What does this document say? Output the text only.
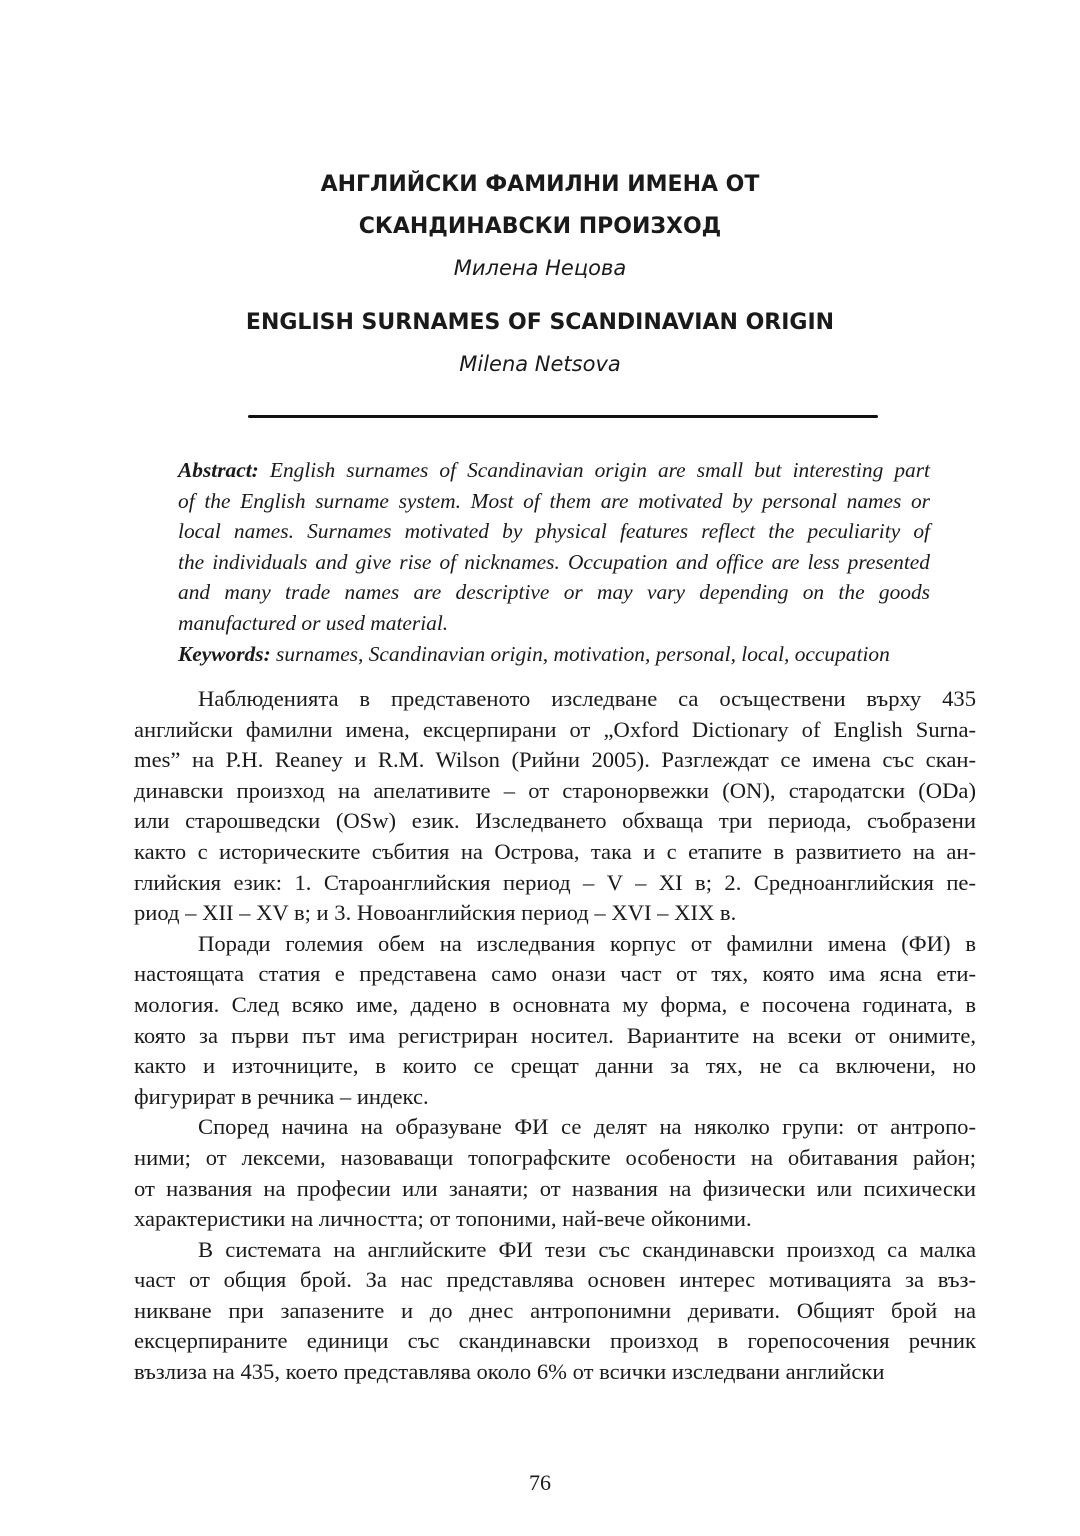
АНГЛИЙСКИ ФАМИЛНИ ИМЕНА ОТ
СКАНДИНАВСКИ ПРОИЗХОД
Милена Нецова
ENGLISH SURNAMES OF SCANDINAVIAN ORIGIN
Milena Netsova
Abstract: English surnames of Scandinavian origin are small but interesting part
of the English surname system. Most of them are motivated by personal names or
local names. Surnames motivated by physical features reflect the peculiarity of
the individuals and give rise of nicknames. Occupation and office are less presented
and many trade names are descriptive or may vary depending on the goods
manufactured or used material.
Keywords: surnames, Scandinavian origin, motivation, personal, local, occupation
Наблюденията в представеното изследване са осъществени върху 435
английски фамилни имена, ексцерпирани от „Oxford Dictionary of English Surna-
mes” на P.H. Reaney и R.M. Wilson (Рийни 2005). Разглеждат се имена със скан-
динавски произход на апелативите – от старонорвежки (ON), стародатски (ODa)
или старошведски (OSw) език. Изследването обхваща три периода, съобразени
както с историческите събития на Острова, така и с етапите в развитието на ан-
глийския език: 1. Староанглийския период – V – XI в; 2. Средноанглийския пе-
риод – XII – XV в; и 3. Новоанглийския период – XVI – XIX в.
Поради големия обем на изследвания корпус от фамилни имена (ФИ) в
настоящата статия е представена само онази част от тях, която има ясна ети-
мология. След всяко име, дадено в основната му форма, е посочена годината, в
която за първи път има регистриран носител. Вариантите на всеки от онимите,
както и източниците, в които се срещат данни за тях, не са включени, но
фигурират в речника – индекс.
Според начина на образуване ФИ се делят на няколко групи: от антропо-
ними; от лексеми, назоваващи топографските особености на обитавания район;
от названия на професии или занаяти; от названия на физически или психически
характеристики на личността; от топоними, най-вече ойконими.
В системата на английските ФИ тези със скандинавски произход са малка
част от общия брой. За нас представлява основен интерес мотивацията за въз-
никване при запазените и до днес антропонимни деривати. Общият брой на
ексцерпираните единици със скандинавски произход в горепосочения речник
възлиза на 435, което представлява около 6% от всички изследвани английски
76
